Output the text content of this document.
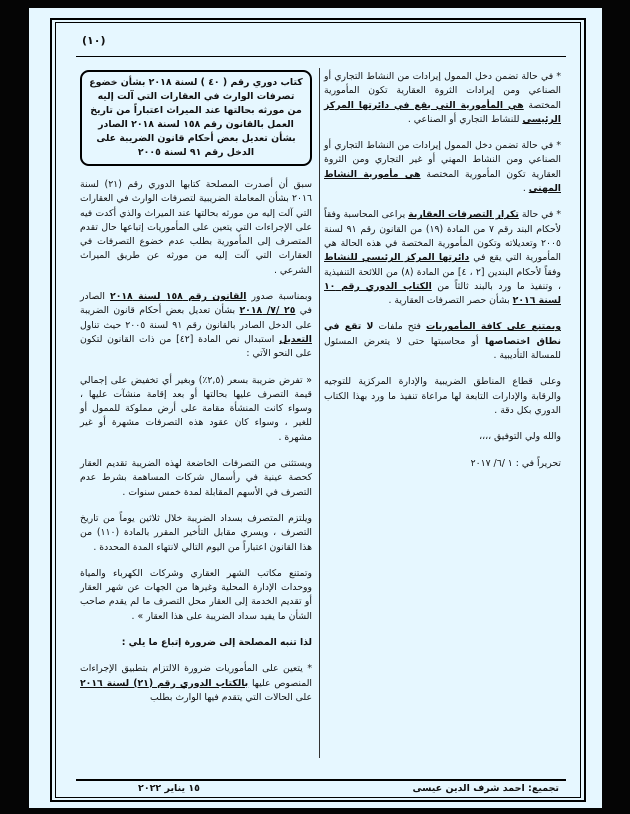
(١٠)

* في حالة تضمن دخل الممول إيرادات من النشاط التجاري أو الصناعي ومن إيرادات الثروة العقارية تكون المأمورية المختصة هي المأمورية التي يقع في دائرتها المركز الرئيسي للنشاط التجاري أو الصناعي .

* في حالة تضمن دخل الممول إيرادات من النشاط التجاري أو الصناعي ومن النشاط المهني أو غير التجاري ومن الثروة العقارية تكون المأمورية المختصة هي مأمورية النشاط المهني .

* في حالة تكرار التصرفات العقارية يراعى المحاسبة وفقاً لأحكام البند رقم ٧ من المادة (١٩) من القانون رقم ٩١ لسنة ٢٠٠٥ وتعديلاته وتكون المأمورية المختصة في هذه الحالة هي المأمورية التي يقع في دائرتها المركز الرئيسي للنشاط وفقاً لأحكام البندين [٢ ، ٤] من المادة (٨) من اللائحة التنفيذية ، وتنفيذ ما ورد بالبند ثالثاً من الكتاب الدوري رقم ١٠ لسنة ٢٠١٦ بشأن حصر التصرفات العقارية .

ويمتنع على كافة المأموريات فتح ملفات لا تقع في نطاق اختصاصها أو محاسبتها حتى لا يتعرض المسئول للمسالة التأديبية .

وعلى قطاع المناطق الضريبية والإدارة المركزية للتوجيه والرقابة والإدارات التابعة لها مراعاة تنفيذ ما ورد بهذا الكتاب الدوري بكل دقة .

والله ولي التوفيق ،،،،

تحريراً في : ١ /٦/ ٢٠١٧

كتاب دوري رقم ( ٤٠ ) لسنة ٢٠١٨ بشأن خضوع تصرفات الوارث في العقارات التي آلت إليه من مورثه بحالتها عند الميراث اعتباراً من تاريخ العمل بالقانون رقم ١٥٨ لسنة ٢٠١٨ الصادر بشأن تعديل بعض أحكام قانون الضريبة على الدخل رقم ٩١ لسنة ٢٠٠٥

سبق أن أصدرت المصلحة كتابها الدوري رقم (٢١) لسنة ٢٠١٦ بشأن المعاملة الضريبية لتصرفات الوارث في العقارات التي آلت إليه من مورثه بحالتها عند الميراث والذي أكدت فيه على الإجراءات التي يتعين على المأموريات إتباعها حال تقدم المتصرف إلى المأمورية بطلب عدم خضوع التصرفات في العقارات التي آلت إليه من مورثه عن طريق الميراث الشرعي .

وبمناسبة صدور القانون رقم ١٥٨ لسنة ٢٠١٨ الصادر في ٢٥ /٧/ ٢٠١٨ بشأن تعديل بعض أحكام قانون الضريبة على الدخل الصادر بالقانون رقم ٩١ لسنة ٢٠٠٥ حيث تناول التعديل استبدال نص المادة [٤٢] من ذات القانون لتكون على النحو الآتي :

« تفرض ضريبة بسعر (٢,٥٪) وبغير أي تخفيض على إجمالي قيمة التصرف عليها بحالتها أو بعد إقامة منشآت عليها ، وسواء كانت المنشأة مقامة على أرض مملوكة للممول أو للغير ، وسواء كان عقود هذه التصرفات مشهرة أو غير مشهرة .

ويستثنى من التصرفات الخاضعة لهذه الضريبة تقديم العقار كحصة عينية في رأسمال شركات المساهمة بشرط عدم التصرف في الأسهم المقابلة لمدة خمس سنوات .

ويلتزم المتصرف بسداد الضريبة خلال ثلاثين يوماً من تاريخ التصرف ، ويسري مقابل التأخير المقرر بالمادة (١١٠) من هذا القانون اعتباراً من اليوم التالي لانتهاء المدة المحددة .

وتمتنع مكاتب الشهر العقاري وشركات الكهرباء والمياة ووحدات الإدارة المحلية وغيرها من الجهات عن شهر العقار أو تقديم الخدمة إلى العقار محل التصرف ما لم يقدم صاحب الشأن ما يفيد سداد الضريبة على هذا العقار » .

لذا تنبه المصلحة إلى ضرورة إتباع ما يلي :

* يتعين على المأموريات ضرورة الالتزام بتطبيق الإجراءات المنصوص عليها بالكتاب الدوري رقم (٢١) لسنة ٢٠١٦ على الحالات التي يتقدم فيها الوارث بطلب

تجميع: احمد شرف الدين عيسى
١٥ يناير ٢٠٢٢
